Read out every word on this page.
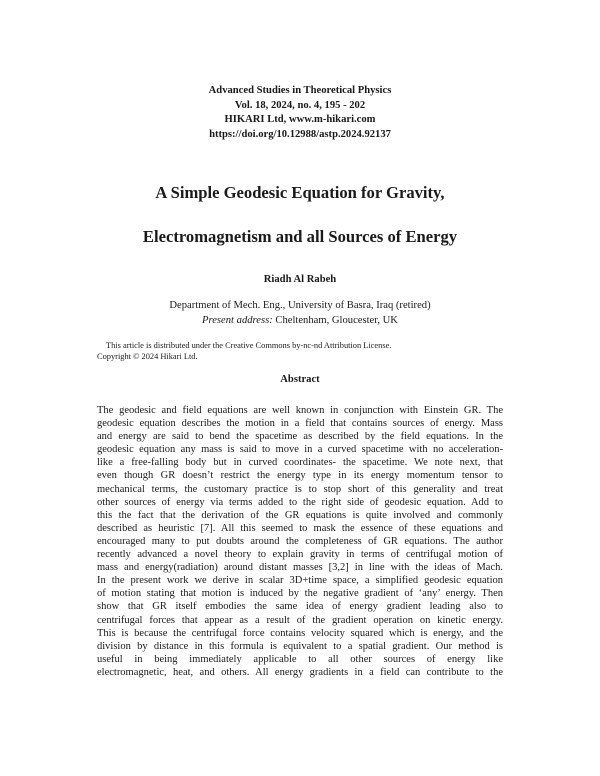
Advanced Studies in Theoretical Physics
Vol. 18, 2024, no. 4, 195 - 202
HIKARI Ltd, www.m-hikari.com
https://doi.org/10.12988/astp.2024.92137
A Simple Geodesic Equation for Gravity,
Electromagnetism and all Sources of Energy
Riadh Al Rabeh
Department of Mech. Eng., University of Basra, Iraq (retired)
Present address: Cheltenham, Gloucester, UK
This article is distributed under the Creative Commons by-nc-nd Attribution License.
Copyright © 2024 Hikari Ltd.
Abstract
The geodesic and field equations are well known in conjunction with Einstein GR. The
geodesic equation describes the motion in a field that contains sources of energy. Mass
and energy are said to bend the spacetime as described by the field equations. In the
geodesic equation any mass is said to move in a curved spacetime with no acceleration-
like a free-falling body but in curved coordinates- the spacetime. We note next, that
even though GR doesn’t restrict the energy type in its energy momentum tensor to
mechanical terms, the customary practice is to stop short of this generality and treat
other sources of energy via terms added to the right side of geodesic equation. Add to
this the fact that the derivation of the GR equations is quite involved and commonly
described as heuristic [7]. All this seemed to mask the essence of these equations and
encouraged many to put doubts around the completeness of GR equations. The author
recently advanced a novel theory to explain gravity in terms of centrifugal motion of
mass and energy(radiation) around distant masses [3,2] in line with the ideas of Mach.
In the present work we derive in scalar 3D+time space, a simplified geodesic equation
of motion stating that motion is induced by the negative gradient of ‘any’ energy. Then
show that GR itself embodies the same idea of energy gradient leading also to
centrifugal forces that appear as a result of the gradient operation on kinetic energy.
This is because the centrifugal force contains velocity squared which is energy, and the
division by distance in this formula is equivalent to a spatial gradient. Our method is
useful in being immediately applicable to all other sources of energy like
electromagnetic, heat, and others. All energy gradients in a field can contribute to the
